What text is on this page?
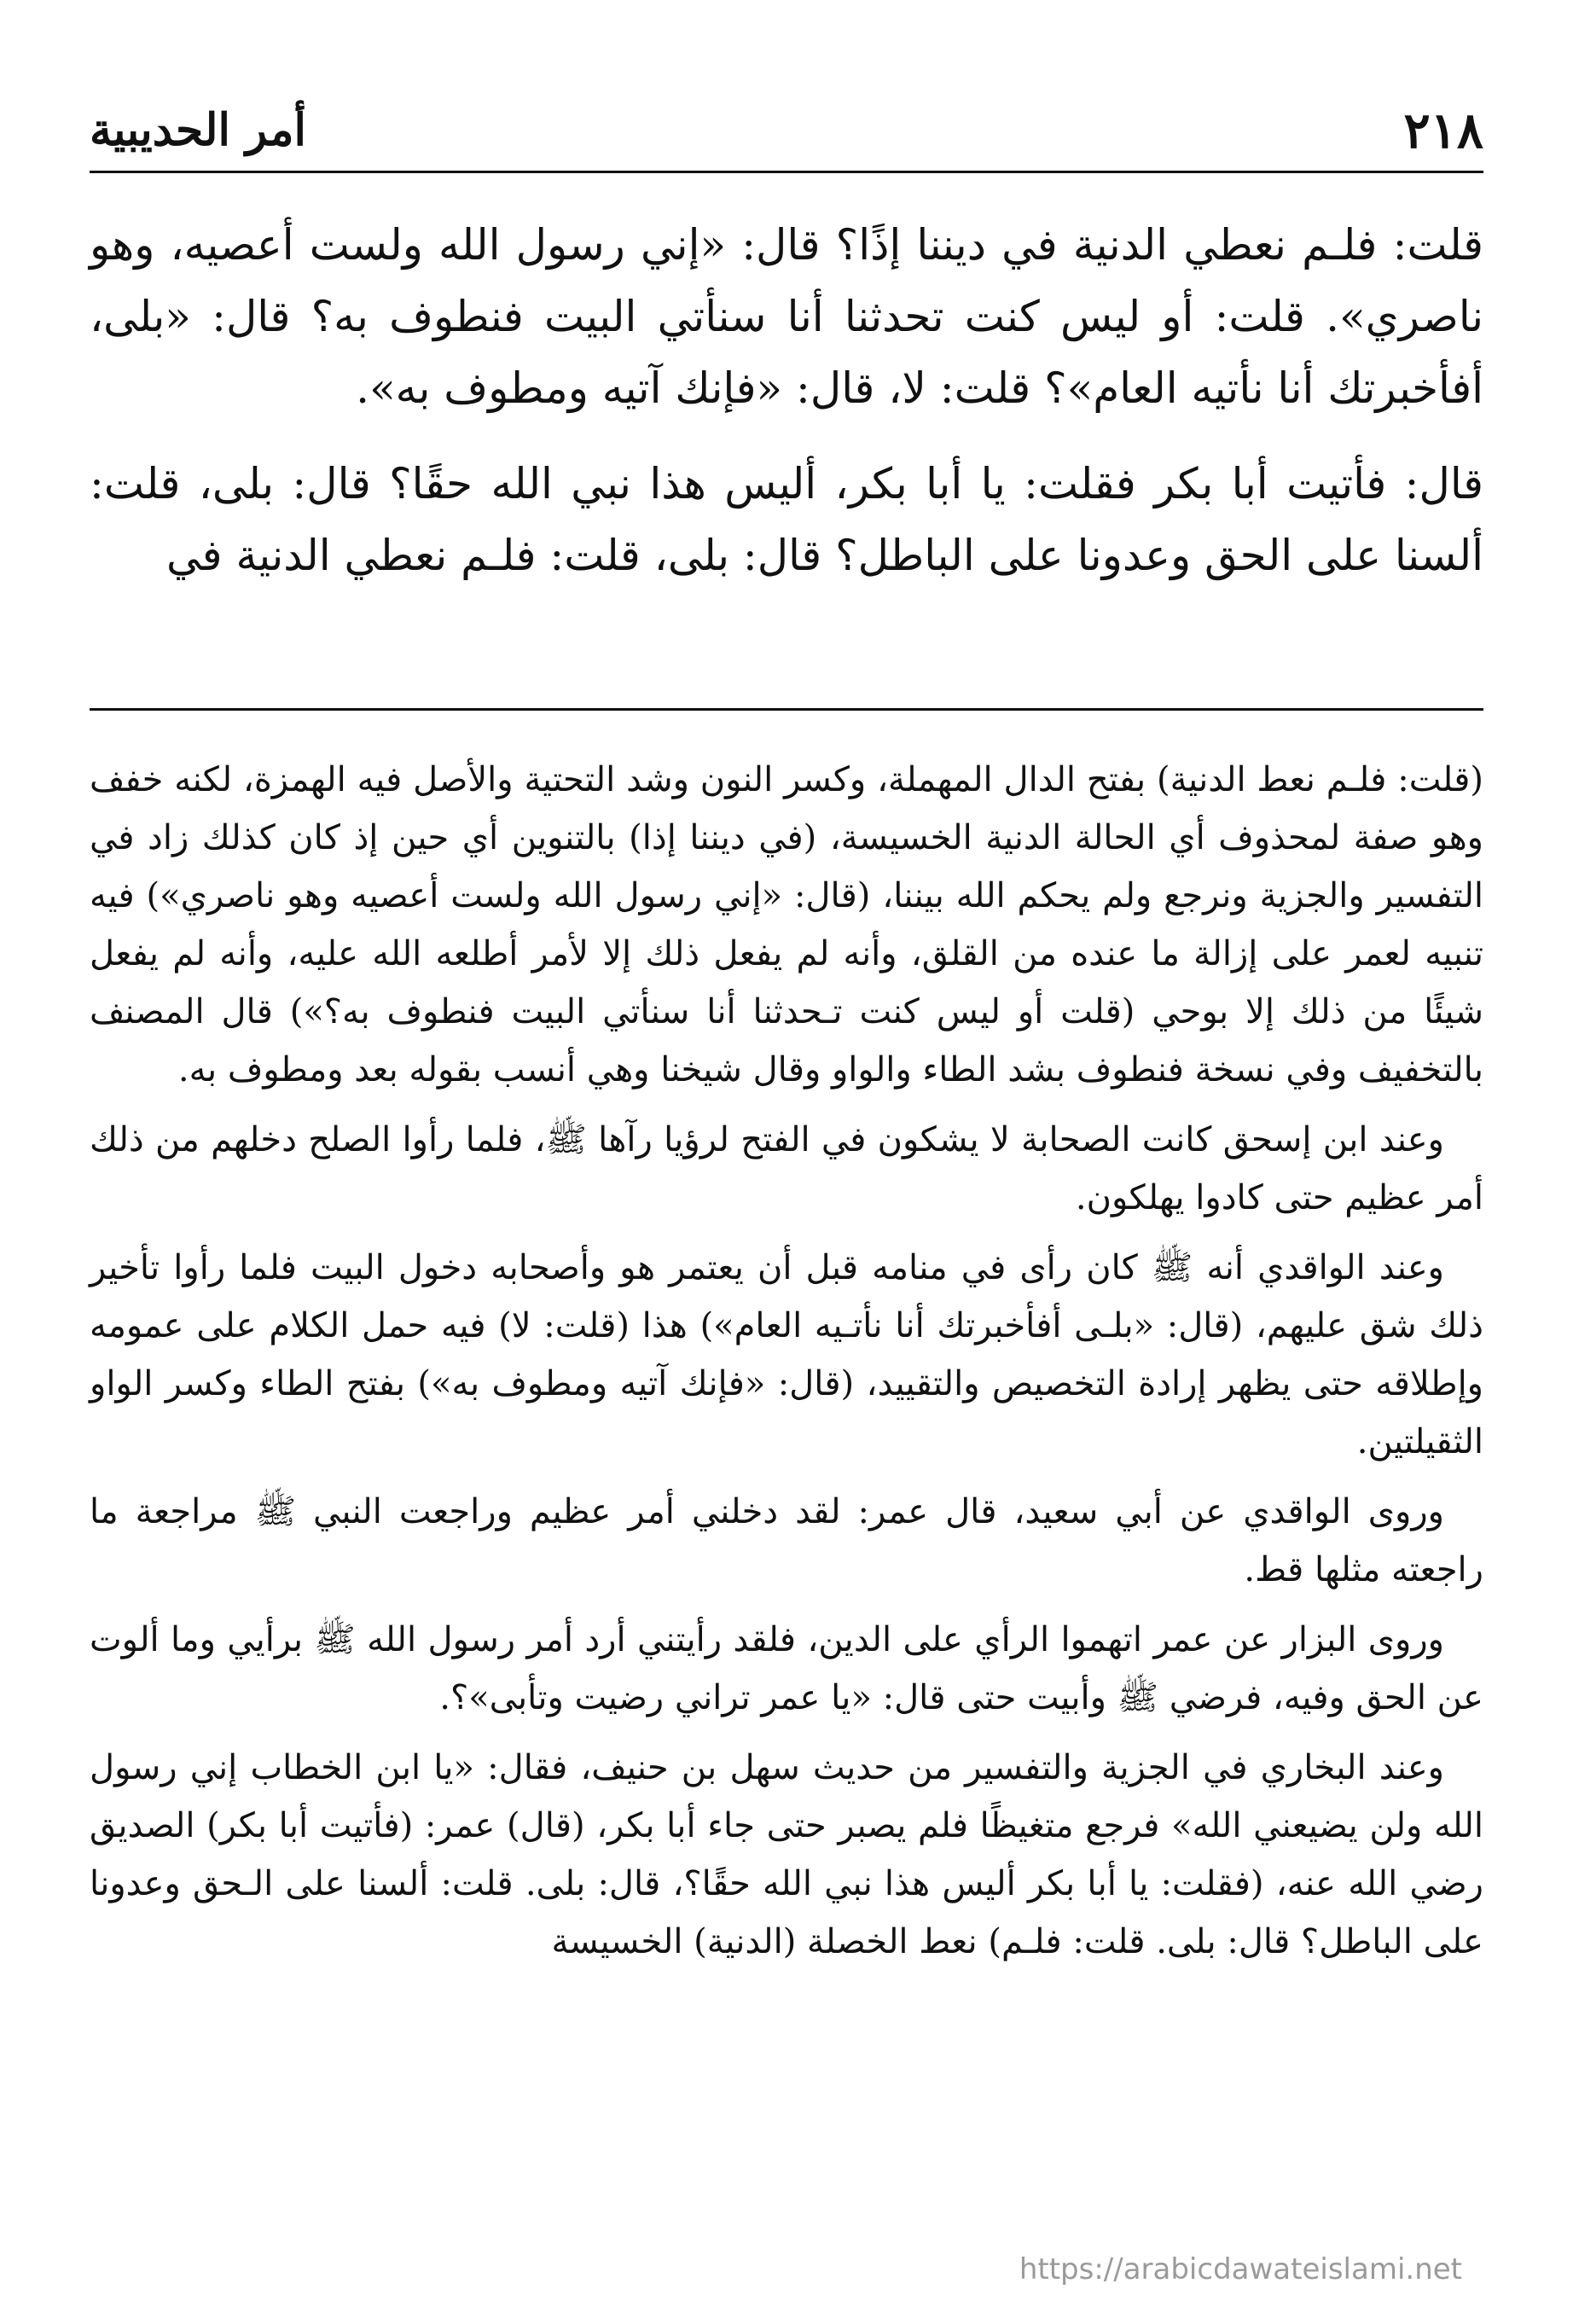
أمر الحديبية	٢١٨

قلت: فلـم نعطي الدنية في ديننا إذًا؟ قال: «إني رسول الله ولست أعصيه، وهو ناصري». قلت: أو ليس كنت تحدثنا أنا سنأتي البيت فنطوف به؟ قال: «بلى، أفأخبرتك أنا نأتيه العام»؟ قلت: لا، قال: «فإنك آتيه ومطوف به».

قال: فأتيت أبا بكر فقلت: يا أبا بكر، أليس هذا نبي الله حقًا؟ قال: بلى، قلت: ألسنا على الحق وعدونا على الباطل؟ قال: بلى، قلت: فلـم نعطي الدنية في

(قلت: فلـم نعط الدنية) بفتح الدال المهملة، وكسر النون وشد التحتية والأصل فيه الهمزة، لكنه خفف وهو صفة لمحذوف أي الحالة الدنية الخسيسة، (في ديننا إذا) بالتنوين أي حين إذ كان كذلك زاد في التفسير والجزية ونرجع ولم يحكم الله بيننا، (قال: «إني رسول الله ولست أعصيه وهو ناصري») فيه تنبيه لعمر على إزالة ما عنده من القلق، وأنه لم يفعل ذلك إلا لأمر أطلعه الله عليه، وأنه لم يفعل شيئًا من ذلك إلا بوحي (قلت أو ليس كنت تـحدثنا أنا سنأتي البيت فنطوف به؟») قال المصنف بالتخفيف وفي نسخة فنطوف بشد الطاء والواو وقال شيخنا وهي أنسب بقوله بعد ومطوف به.

وعند ابن إسحق كانت الصحابة لا يشكون في الفتح لرؤيا رآها ﷺ، فلما رأوا الصلح دخلهم من ذلك أمر عظيم حتى كادوا يهلكون.

وعند الواقدي أنه ﷺ كان رأى في منامه قبل أن يعتمر هو وأصحابه دخول البيت فلما رأوا تأخير ذلك شق عليهم، (قال: «بلـى أفأخبرتك أنا نأتـيه العام») هذا (قلت: لا) فيه حمل الكلام على عمومه وإطلاقه حتى يظهر إرادة التخصيص والتقييد، (قال: «فإنك آتيه ومطوف به») بفتح الطاء وكسر الواو الثقيلتين.

وروى الواقدي عن أبي سعيد، قال عمر: لقد دخلني أمر عظيم وراجعت النبي ﷺ مراجعة ما راجعته مثلها قط.

وروى البزار عن عمر اتهموا الرأي على الدين، فلقد رأيتني أرد أمر رسول الله ﷺ برأيي وما ألوت عن الحق وفيه، فرضي ﷺ وأبيت حتى قال: «يا عمر تراني رضيت وتأبى»؟.

وعند البخاري في الجزية والتفسير من حديث سهل بن حنيف، فقال: «يا ابن الخطاب إني رسول الله ولن يضيعني الله» فرجع متغيظًا فلم يصبر حتى جاء أبا بكر، (قال) عمر: (فأتيت أبا بكر) الصديق رضي الله عنه، (فقلت: يا أبا بكر أليس هذا نبي الله حقًا؟، قال: بلى. قلت: ألسنا على الـحق وعدونا على الباطل؟ قال: بلى. قلت: فلـم) نعط الخصلة (الدنية) الخسيسة

https://arabicdawateislami.net
